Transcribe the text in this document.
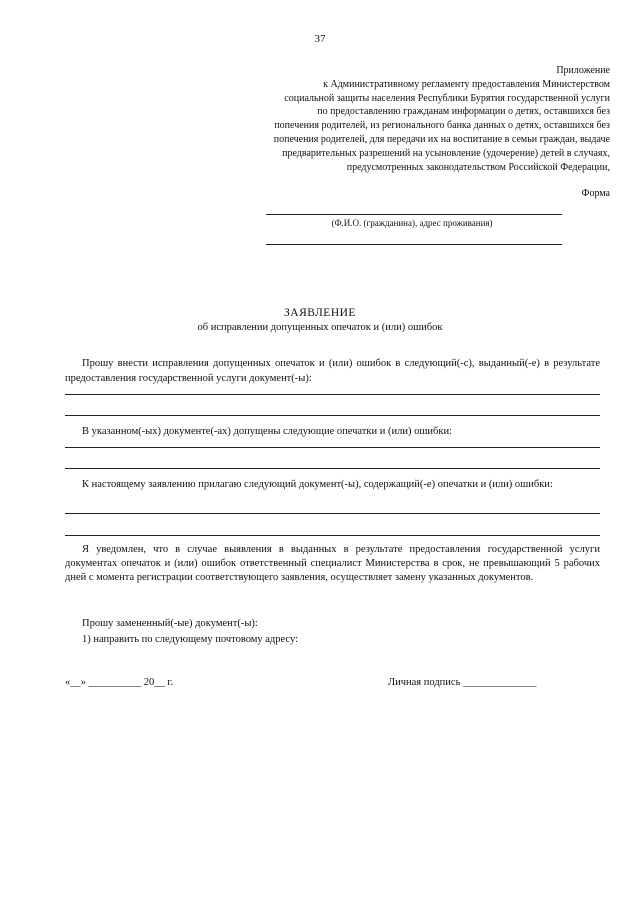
37
Приложение
к Административному регламенту предоставления Министерством
социальной защиты населения Республики Бурятия государственной услуги
по предоставлению гражданам информации о детях, оставшихся без
попечения родителей, из регионального банка данных о детях, оставшихся без
попечения родителей, для передачи их на воспитание в семьи граждан, выдаче
предварительных разрешений на усыновление (удочерение) детей в случаях,
предусмотренных законодательством Российской Федерации,
Форма
(Ф.И.О. (гражданина), адрес проживания)
ЗАЯВЛЕНИЕ
об исправлении допущенных опечаток и (или) ошибок
Прошу внести исправления допущенных опечаток и (или) ошибок в следующий(-с), выданный(-е) в результате предоставления государственной услуги документ(-ы):
В указанном(-ых) документе(-ах) допущены следующие опечатки и (или) ошибки:
К настоящему заявлению прилагаю следующий документ(-ы), содержащий(-е) опечатки и (или) ошибки:
Я уведомлен, что в случае выявления в выданных в результате предоставления государственной услуги документах опечаток и (или) ошибок ответственный специалист Министерства в срок, не превышающий 5 рабочих дней с момента регистрации соответствующего заявления, осуществляет замену указанных документов.
Прошу замененный(-ые) документ(-ы):
1) направить по следующему почтовому адресу:
«__» __________ 20__ г.	Личная подпись ______________
